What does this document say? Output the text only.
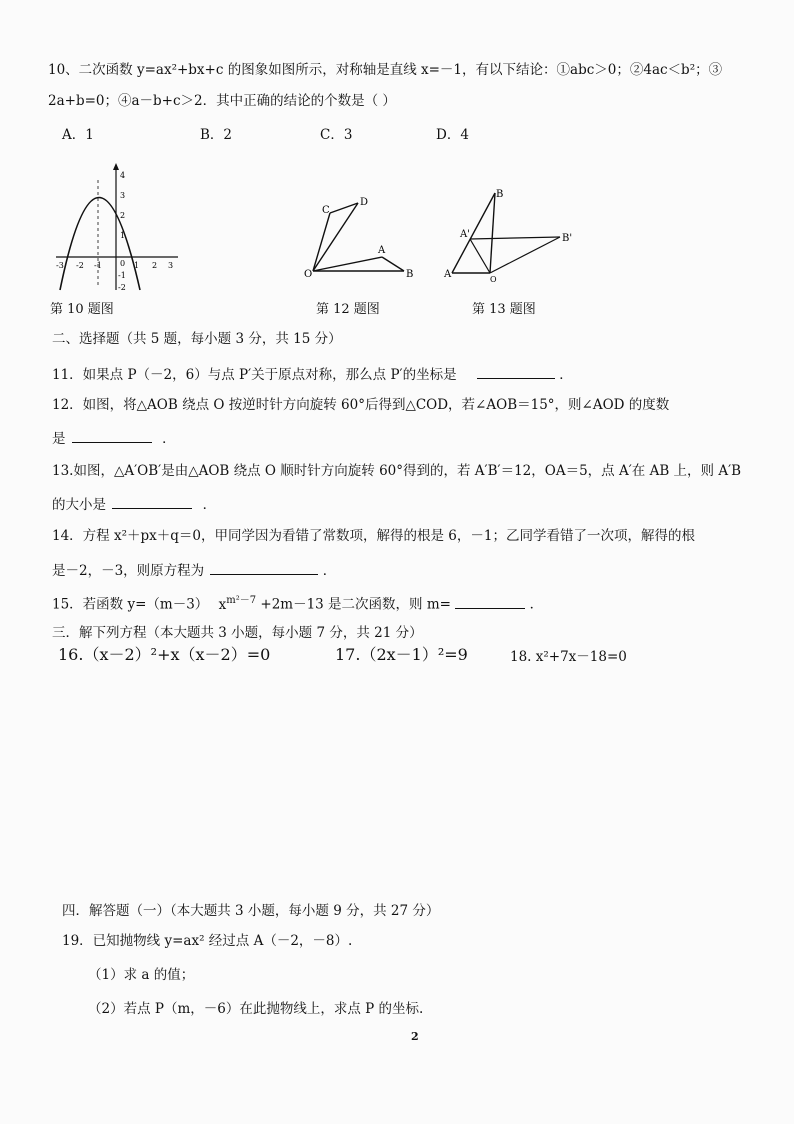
10、二次函数 y=ax²+bx+c 的图象如图所示，对称轴是直线 x=－1，有以下结论：①abc＞0；②4ac＜b²；③
2a+b=0；④a－b+c＞2．其中正确的结论的个数是（ ）
A．1	B．2	C．3	D．4
4
3
2
1
0
-1
-2
-3 -2 -1	1 2 3
第 10 题图
C
D
A
O	B
第 12 题图
B
A'	B'
A	O
第 13 题图
二、选择题（共 5 题，每小题 3 分，共 15 分）
11．如果点 P（－2，6）与点 P′关于原点对称，那么点 P′的坐标是	．
12．如图，将△AOB 绕点 O 按逆时针方向旋转 60°后得到△COD，若∠AOB＝15°，则∠AOD 的度数
是	．
13.如图，△A′OB′是由△AOB 绕点 O 顺时针方向旋转 60°得到的，若 A′B′＝12，OA＝5，点 A′在 AB 上，则 A′B
的大小是	．
14．方程 x²＋px＋q＝0，甲同学因为看错了常数项，解得的根是 6，－1；乙同学看错了一次项，解得的根
是－2，－3，则原方程为	．
15．若函数 y=（m－3） $x^{m^2-7} +2m-13$ 是二次函数，则 m=	．
三．解下列方程（本大题共 3 小题，每小题 7 分，共 21 分）
16.（x－2）²+x（x－2）=0	17.（2x－1）²=9	18. x²+7x－18=0
四．解答题（一）（本大题共 3 小题，每小题 9 分，共 27 分）
19．已知抛物线 y=ax² 经过点 A（－2，－8）.
（1）求 a 的值；
（2）若点 P（m，－6）在此抛物线上，求点 P 的坐标.
2
